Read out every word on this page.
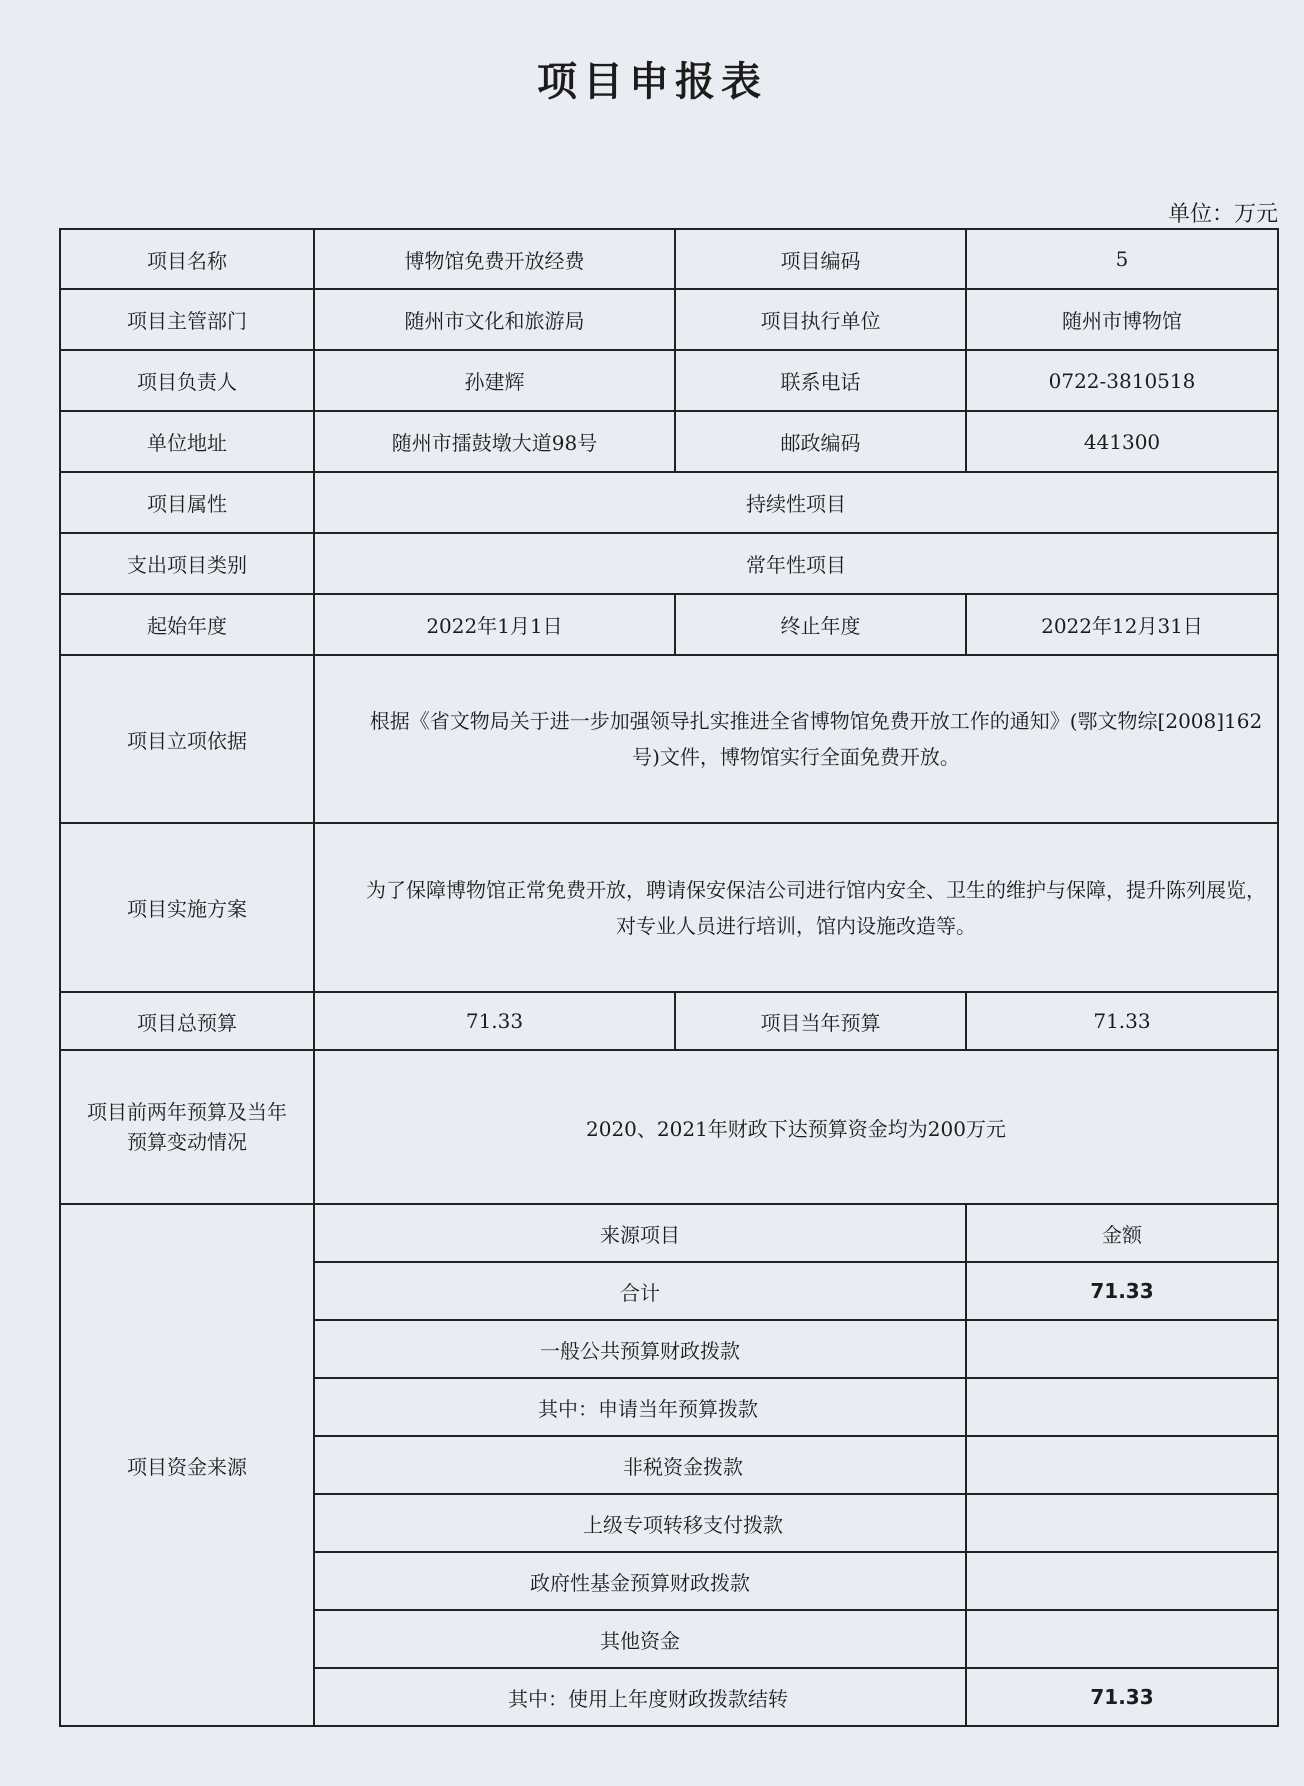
项目申报表
单位：万元
项目名称	博物馆免费开放经费	项目编码	5
项目主管部门	随州市文化和旅游局	项目执行单位	随州市博物馆
项目负责人	孙建辉	联系电话	0722-3810518
单位地址	随州市擂鼓墩大道98号	邮政编码	441300
项目属性	持续性项目		
支出项目类别	常年性项目		
起始年度	2022年1月1日	终止年度	2022年12月31日
项目立项依据	根据《省文物局关于进一步加强领导扎实推进全省博物馆免费开放工作的通知》(鄂文物综[2008]162号)文件，博物馆实行全面免费开放。		

项目实施方案	为了保障博物馆正常免费开放，聘请保安保洁公司进行馆内安全、卫生的维护与保障，提升陈列展览，对专业人员进行培训，馆内设施改造等。		

项目总预算	71.33	项目当年预算	71.33

项目前两年预算及当年
预算变动情况	2020、2021年财政下达预算资金均为200万元		
项目资金来源	来源项目		金额
	合计		71.33
	一般公共预算财政拨款		
	其中：申请当年预算拨款		
	非税资金拨款		
	上级专项转移支付拨款		
	政府性基金预算财政拨款		
	其他资金		
	其中：使用上年度财政拨款结转		71.33
